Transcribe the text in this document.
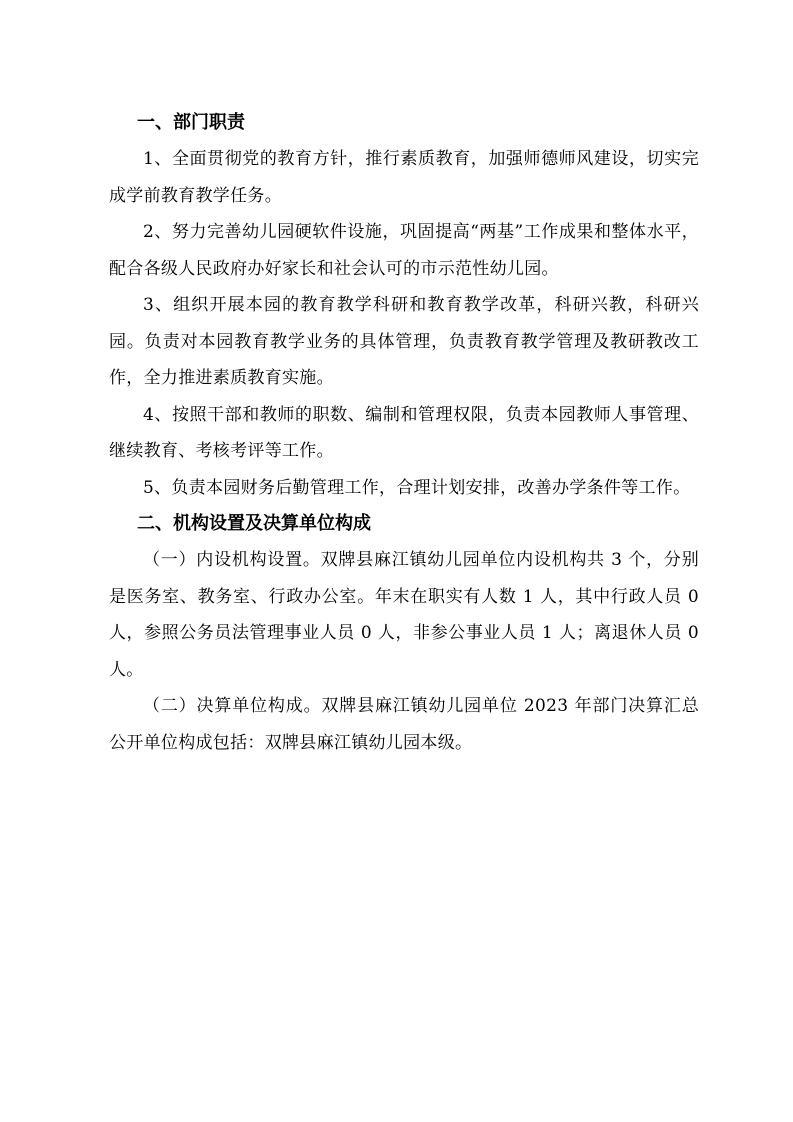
一、部门职责

1、全面贯彻党的教育方针，推行素质教育，加强师德师风建设，切实完成学前教育教学任务。

2、努力完善幼儿园硬软件设施，巩固提高“两基”工作成果和整体水平，配合各级人民政府办好家长和社会认可的市示范性幼儿园。

3、组织开展本园的教育教学科研和教育教学改革，科研兴教，科研兴园。负责对本园教育教学业务的具体管理，负责教育教学管理及教研教改工作，全力推进素质教育实施。

4、按照干部和教师的职数、编制和管理权限，负责本园教师人事管理、继续教育、考核考评等工作。

5、负责本园财务后勤管理工作，合理计划安排，改善办学条件等工作。

二、机构设置及决算单位构成

（一）内设机构设置。双牌县麻江镇幼儿园单位内设机构共 3 个，分别是医务室、教务室、行政办公室。年末在职实有人数 1 人，其中行政人员 0 人，参照公务员法管理事业人员 0 人，非参公事业人员 1 人；离退休人员 0 人。

（二）决算单位构成。双牌县麻江镇幼儿园单位 2023 年部门决算汇总公开单位构成包括：双牌县麻江镇幼儿园本级。
